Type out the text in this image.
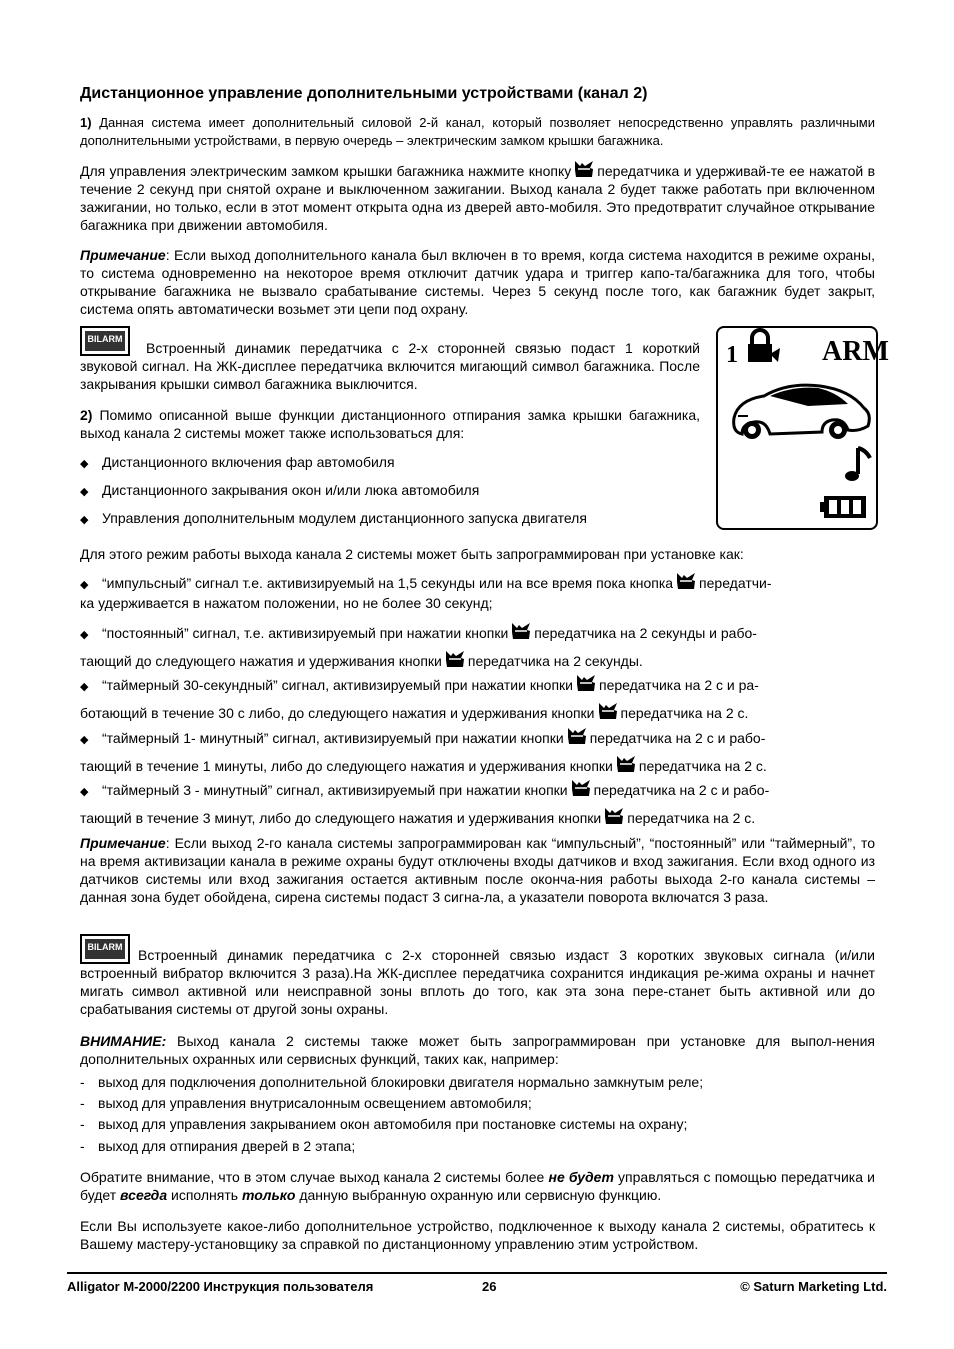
Дистанционное управление дополнительными устройствами (канал 2)
1) Данная система имеет дополнительный силовой 2-й канал, который позволяет непосредственно управлять различными дополнительными устройствами, в первую очередь – электрическим замком крышки багажника.
Для управления электрическим замком крышки багажника нажмите кнопку передатчика и удерживай-те ее нажатой в течение 2 секунд при снятой охране и выключенном зажигании. Выход канала 2 будет также работать при включенном зажигании, но только, если в этот момент открыта одна из дверей авто-мобиля. Это предотвратит случайное открывание багажника при движении автомобиля.
Примечание: Если выход дополнительного канала был включен в то время, когда система находится в режиме охраны, то система одновременно на некоторое время отключит датчик удара и триггер капо-та/багажника для того, чтобы открывание багажника не вызвало срабатывание системы. Через 5 секунд после того, как багажник будет закрыт, система опять автоматически возьмет эти цепи под охрану.
BILARM
Встроенный динамик передатчика с 2-х сторонней связью подаст 1 короткий звуковой сигнал. На ЖК-дисплее передатчика включится мигающий символ багажника. После закрывания крышки символ багажника выключится.
1	ARM
2) Помимо описанной выше функции дистанционного отпирания замка крышки багажника, выход канала 2 системы может также использоваться для:
◆ Дистанционного включения фар автомобиля
◆ Дистанционного закрывания окон и/или люка автомобиля
◆ Управления дополнительным модулем дистанционного запуска двигателя
Для этого режим работы выхода канала 2 системы может быть запрограммирован при установке как:
◆ “импульсный” сигнал т.е. активизируемый на 1,5 секунды или на все время пока кнопка передатчи-
ка удерживается в нажатом положении, но не более 30 секунд;
◆ “постоянный” сигнал, т.е. активизируемый при нажатии кнопки передатчика на 2 секунды и рабо-
тающий до следующего нажатия и удерживания кнопки передатчика на 2 секунды.
◆ “таймерный 30-секундный” сигнал, активизируемый при нажатии кнопки передатчика на 2 с и ра-
ботающий в течение 30 с либо, до следующего нажатия и удерживания кнопки передатчика на 2 с.
◆ “таймерный 1- минутный” сигнал, активизируемый при нажатии кнопки передатчика на 2 с и рабо-
тающий в течение 1 минуты, либо до следующего нажатия и удерживания кнопки передатчика на 2 с.
◆ “таймерный 3 - минутный” сигнал, активизируемый при нажатии кнопки передатчика на 2 с и рабо-
тающий в течение 3 минут, либо до следующего нажатия и удерживания кнопки передатчика на 2 с.
Примечание: Если выход 2-го канала системы запрограммирован как “импульсный”, “постоянный” или “таймерный”, то на время активизации канала в режиме охраны будут отключены входы датчиков и вход зажигания. Если вход одного из датчиков системы или вход зажигания остается активным после оконча-ния работы выхода 2-го канала системы – данная зона будет обойдена, сирена системы подаст 3 сигна-ла, а указатели поворота включатся 3 раза.
BILARM	Встроенный динамик передатчика с 2-х сторонней связью издаст 3 коротких звуковых сигнала (и/или встроенный вибратор включится 3 раза).На ЖК-дисплее передатчика сохранится индикация ре-жима охраны и начнет мигать символ активной или неисправной зоны вплоть до того, как эта зона пере-станет быть активной или до срабатывания системы от другой зоны охраны.
ВНИМАНИЕ: Выход канала 2 системы также может быть запрограммирован при установке для выпол-нения дополнительных охранных или сервисных функций, таких как, например:
- выход для подключения дополнительной блокировки двигателя нормально замкнутым реле;
- выход для управления внутрисалонным освещением автомобиля;
- выход для управления закрыванием окон автомобиля при постановке системы на охрану;
- выход для отпирания дверей в 2 этапа;
Обратите внимание, что в этом случае выход канала 2 системы более не будет управляться с помощью передатчика и будет всегда исполнять только данную выбранную охранную или сервисную функцию.
Если Вы используете какое-либо дополнительное устройство, подключенное к выходу канала 2 системы, обратитесь к Вашему мастеру-установщику за справкой по дистанционному управлению этим устройством.
Alligator M-2000/2200 Инструкция пользователя	26	© Saturn Marketing Ltd.
